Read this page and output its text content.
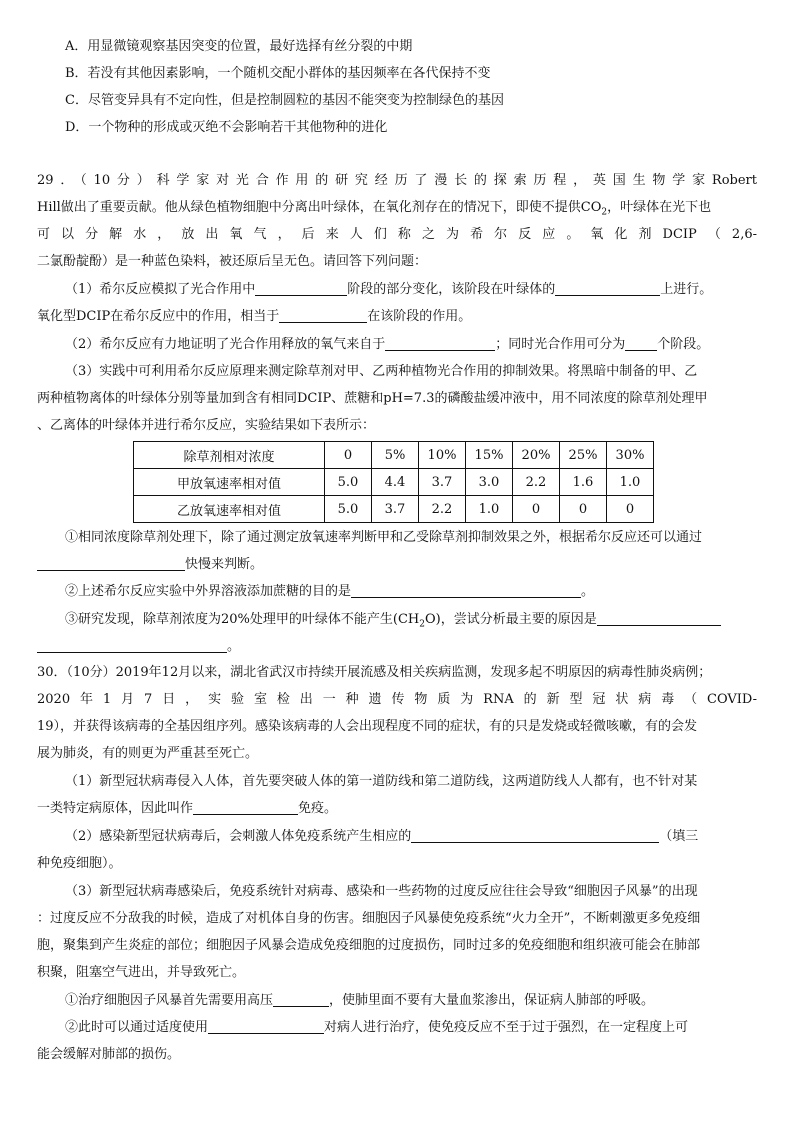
A．用显微镜观察基因突变的位置，最好选择有丝分裂的中期
B．若没有其他因素影响，一个随机交配小群体的基因频率在各代保持不变
C．尽管变异具有不定向性，但是控制圆粒的基因不能突变为控制绿色的基因
D．一个物种的形成或灭绝不会影响若干其他物种的进化
29．（10分）科学家对光合作用的研究经历了漫长的探索历程，英国生物学家Robert
Hill做出了重要贡献。他从绿色植物细胞中分离出叶绿体，在氧化剂存在的情况下，即使不提供$CO_2$，叶绿体在光下也
可以分解水，放出氧气，后来人们称之为希尔反应。氧化剂DCIP（2,6-
二氯酚靛酚）是一种蓝色染料，被还原后呈无色。请回答下列问题：
（1）希尔反应模拟了光合作用中	阶段的部分变化，该阶段在叶绿体的	上进行。
氧化型DCIP在希尔反应中的作用，相当于	在该阶段的作用。
（2）希尔反应有力地证明了光合作用释放的氧气来自于	；同时光合作用可分为 个阶段。
（3）实践中可利用希尔反应原理来测定除草剂对甲、乙两种植物光合作用的抑制效果。将黑暗中制备的甲、乙
两种植物离体的叶绿体分别等量加到含有相同DCIP、蔗糖和pH=7.3的磷酸盐缓冲液中，用不同浓度的除草剂处理甲
、乙离体的叶绿体并进行希尔反应，实验结果如下表所示：
除草剂相对浓度	0	5%	10%	15%	20%	25%	30%
甲放氧速率相对值	5.0	4.4	3.7	3.0	2.2	1.6	1.0
乙放氧速率相对值	5.0	3.7	2.2	1.0	0	0	0
①相同浓度除草剂处理下，除了通过测定放氧速率判断甲和乙受除草剂抑制效果之外，根据希尔反应还可以通过
快慢来判断。
②上述希尔反应实验中外界溶液添加蔗糖的目的是	。
③研究发现，除草剂浓度为20%处理甲的叶绿体不能产生$(CH_2O)$，尝试分析最主要的原因是
。
30．（10分）2019年12月以来，湖北省武汉市持续开展流感及相关疾病监测，发现多起不明原因的病毒性肺炎病例；
2020年1月7日，实验室检出一种遗传物质为RNA的新型冠状病毒（COVID-
19），并获得该病毒的全基因组序列。感染该病毒的人会出现程度不同的症状，有的只是发烧或轻微咳嗽，有的会发
展为肺炎，有的则更为严重甚至死亡。
（1）新型冠状病毒侵入人体，首先要突破人体的第一道防线和第二道防线，这两道防线人人都有，也不针对某
一类特定病原体，因此叫作	免疫。
（2）感染新型冠状病毒后，会刺激人体免疫系统产生相应的	（填三
种免疫细胞）。
（3）新型冠状病毒感染后，免疫系统针对病毒、感染和一些药物的过度反应往往会导致“细胞因子风暴”的出现
：过度反应不分敌我的时候，造成了对机体自身的伤害。细胞因子风暴使免疫系统“火力全开”，不断刺激更多免疫细
胞，聚集到产生炎症的部位；细胞因子风暴会造成免疫细胞的过度损伤，同时过多的免疫细胞和组织液可能会在肺部
积聚，阻塞空气进出，并导致死亡。
①治疗细胞因子风暴首先需要用高压	，使肺里面不要有大量血浆渗出，保证病人肺部的呼吸。
②此时可以通过适度使用	对病人进行治疗，使免疫反应不至于过于强烈，在一定程度上可
能会缓解对肺部的损伤。
